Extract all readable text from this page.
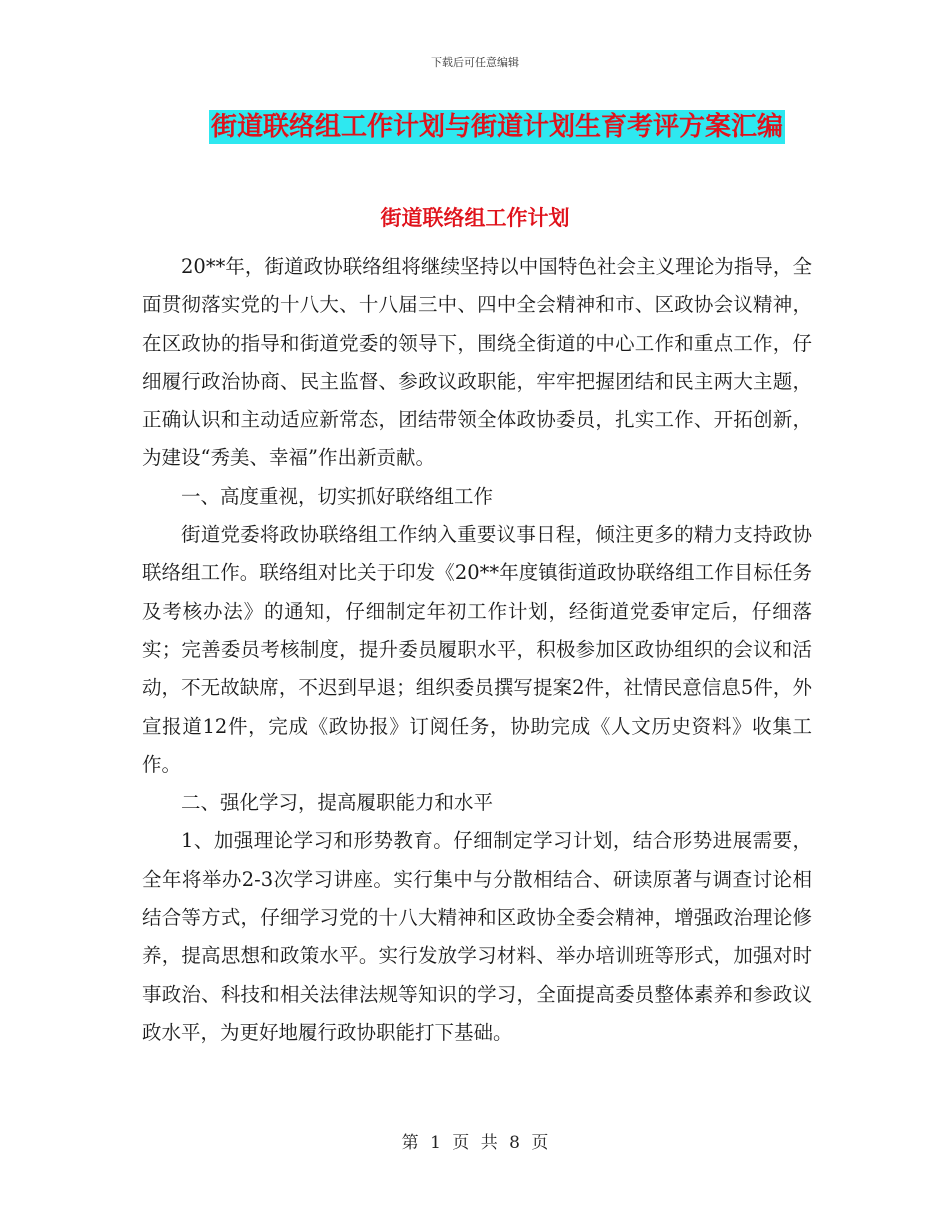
下载后可任意编辑
街道联络组工作计划与街道计划生育考评方案汇编
街道联络组工作计划

20**年，街道政协联络组将继续坚持以中国特色社会主义理论为指导，全面贯彻落实党的十八大、十八届三中、四中全会精神和市、区政协会议精神，在区政协的指导和街道党委的领导下，围绕全街道的中心工作和重点工作，仔细履行政治协商、民主监督、参政议政职能，牢牢把握团结和民主两大主题，正确认识和主动适应新常态，团结带领全体政协委员，扎实工作、开拓创新，为建设“秀美、幸福”作出新贡献。

一、高度重视，切实抓好联络组工作

街道党委将政协联络组工作纳入重要议事日程，倾注更多的精力支持政协联络组工作。联络组对比关于印发《20**年度镇街道政协联络组工作目标任务及考核办法》的通知，仔细制定年初工作计划，经街道党委审定后，仔细落实；完善委员考核制度，提升委员履职水平，积极参加区政协组织的会议和活动，不无故缺席，不迟到早退；组织委员撰写提案2件，社情民意信息5件，外宣报道12件，完成《政协报》订阅任务，协助完成《人文历史资料》收集工作。

二、强化学习，提高履职能力和水平

1、加强理论学习和形势教育。仔细制定学习计划，结合形势进展需要，全年将举办2-3次学习讲座。实行集中与分散相结合、研读原著与调查讨论相结合等方式，仔细学习党的十八大精神和区政协全委会精神，增强政治理论修养，提高思想和政策水平。实行发放学习材料、举办培训班等形式，加强对时事政治、科技和相关法律法规等知识的学习，全面提高委员整体素养和参政议政水平，为更好地履行政协职能打下基础。

第 1 页 共 8 页
